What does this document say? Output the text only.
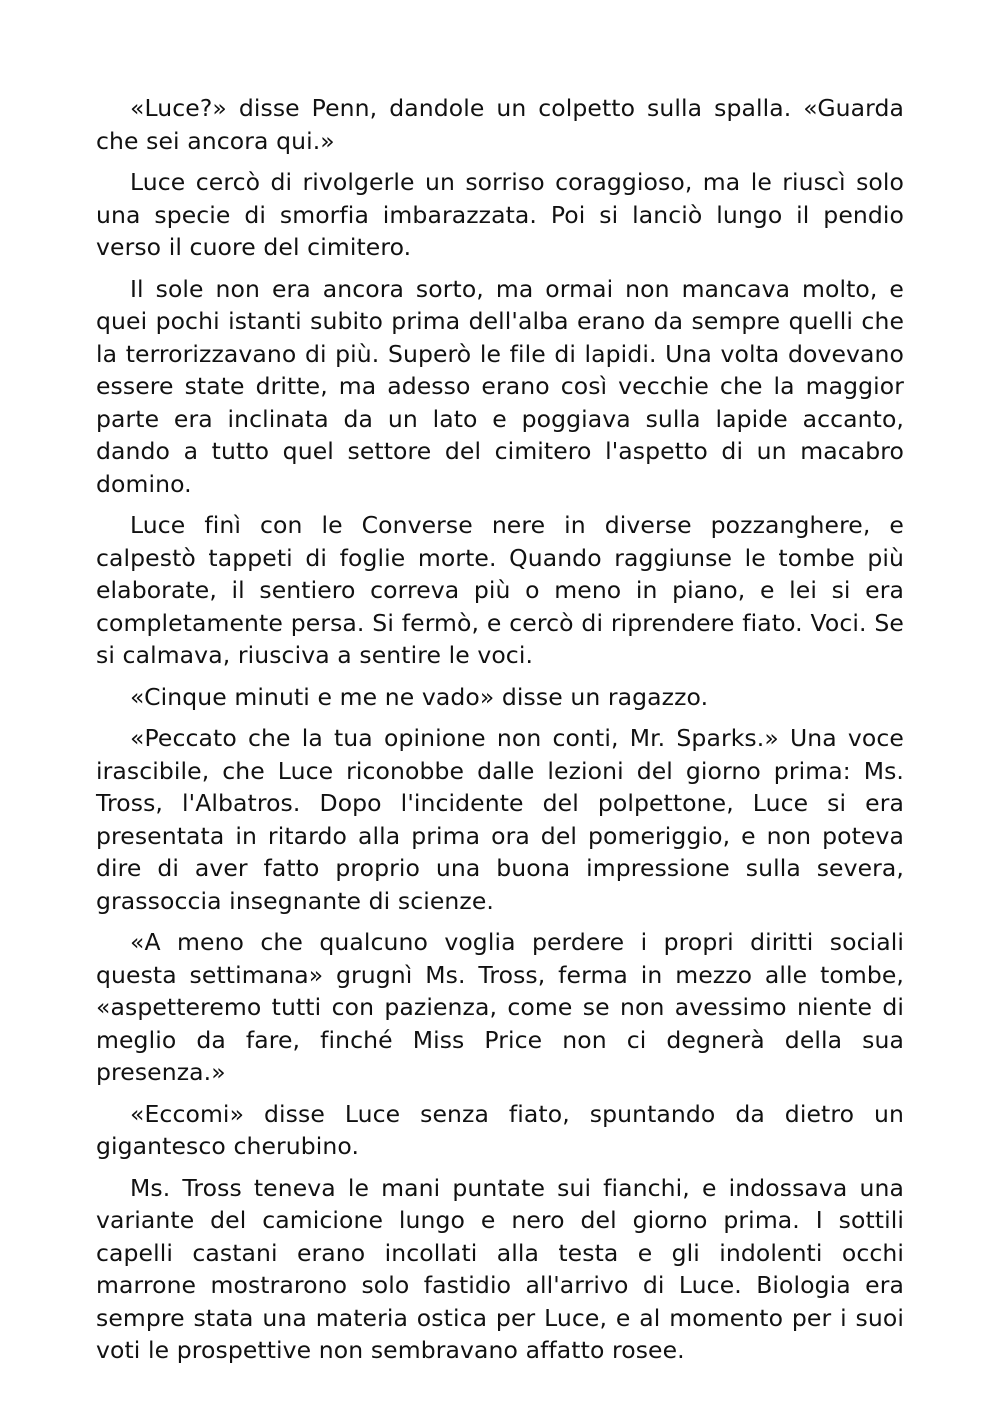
«Luce?» disse Penn, dandole un colpetto sulla spalla. «Guarda che sei ancora qui.»

Luce cercò di rivolgerle un sorriso coraggioso, ma le riuscì solo una specie di smorfia imbarazzata. Poi si lanciò lungo il pendio verso il cuore del cimitero.

Il sole non era ancora sorto, ma ormai non mancava molto, e quei pochi istanti subito prima dell'alba erano da sempre quelli che la terrorizzavano di più. Superò le file di lapidi. Una volta dovevano essere state dritte, ma adesso erano così vecchie che la maggior parte era inclinata da un lato e poggiava sulla lapide accanto, dando a tutto quel settore del cimitero l'aspetto di un macabro domino.

Luce finì con le Converse nere in diverse pozzanghere, e calpestò tappeti di foglie morte. Quando raggiunse le tombe più elaborate, il sentiero correva più o meno in piano, e lei si era completamente persa. Si fermò, e cercò di riprendere fiato. Voci. Se si calmava, riusciva a sentire le voci.

«Cinque minuti e me ne vado» disse un ragazzo.

«Peccato che la tua opinione non conti, Mr. Sparks.» Una voce irascibile, che Luce riconobbe dalle lezioni del giorno prima: Ms. Tross, l'Albatros. Dopo l'incidente del polpettone, Luce si era presentata in ritardo alla prima ora del pomeriggio, e non poteva dire di aver fatto proprio una buona impressione sulla severa, grassoccia insegnante di scienze.

«A meno che qualcuno voglia perdere i propri diritti sociali questa settimana» grugnì Ms. Tross, ferma in mezzo alle tombe, «aspetteremo tutti con pazienza, come se non avessimo niente di meglio da fare, finché Miss Price non ci degnerà della sua presenza.»

«Eccomi» disse Luce senza fiato, spuntando da dietro un gigantesco cherubino.

Ms. Tross teneva le mani puntate sui fianchi, e indossava una variante del camicione lungo e nero del giorno prima. I sottili capelli castani erano incollati alla testa e gli indolenti occhi marrone mostrarono solo fastidio all'arrivo di Luce. Biologia era sempre stata una materia ostica per Luce, e al momento per i suoi voti le prospettive non sembravano affatto rosee.
